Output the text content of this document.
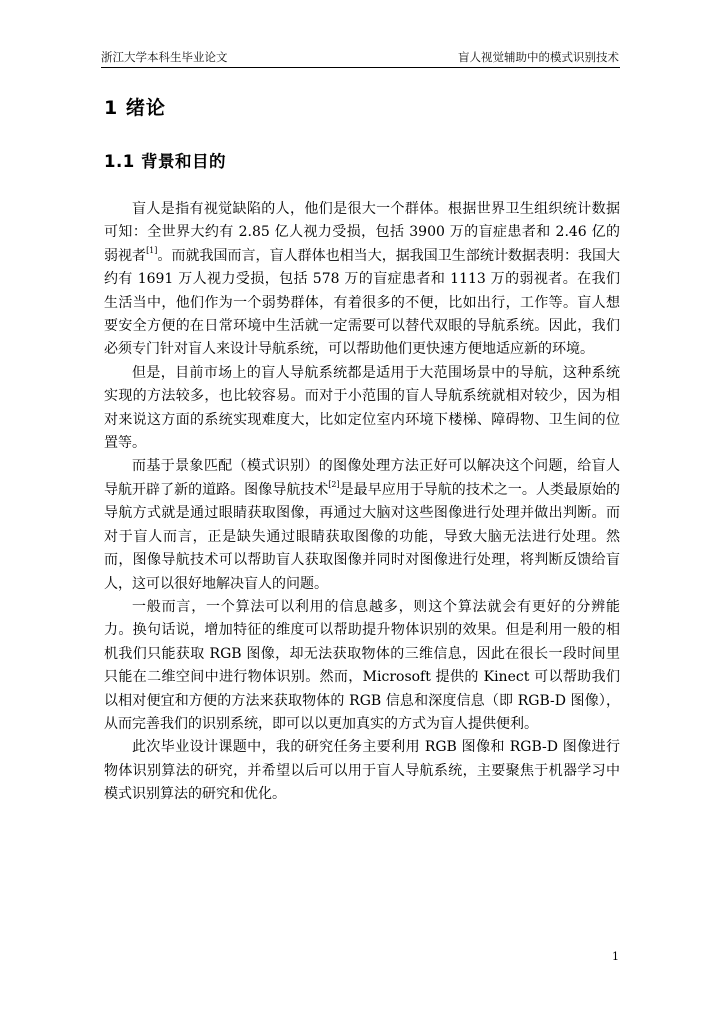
浙江大学本科生毕业论文	盲人视觉辅助中的模式识别技术
1 绪论
1.1 背景和目的

盲人是指有视觉缺陷的人，他们是很大一个群体。根据世界卫生组织统计数据可知：全世界大约有 2.85 亿人视力受损，包括 3900 万的盲症患者和 2.46 亿的弱视者[1]。而就我国而言，盲人群体也相当大，据我国卫生部统计数据表明：我国大约有 1691 万人视力受损，包括 578 万的盲症患者和 1113 万的弱视者。在我们生活当中，他们作为一个弱势群体，有着很多的不便，比如出行，工作等。盲人想要安全方便的在日常环境中生活就一定需要可以替代双眼的导航系统。因此，我们必须专门针对盲人来设计导航系统，可以帮助他们更快速方便地适应新的环境。

但是，目前市场上的盲人导航系统都是适用于大范围场景中的导航，这种系统实现的方法较多，也比较容易。而对于小范围的盲人导航系统就相对较少，因为相对来说这方面的系统实现难度大，比如定位室内环境下楼梯、障碍物、卫生间的位置等。

而基于景象匹配（模式识别）的图像处理方法正好可以解决这个问题，给盲人导航开辟了新的道路。图像导航技术[2]是最早应用于导航的技术之一。人类最原始的导航方式就是通过眼睛获取图像，再通过大脑对这些图像进行处理并做出判断。而对于盲人而言，正是缺失通过眼睛获取图像的功能，导致大脑无法进行处理。然而，图像导航技术可以帮助盲人获取图像并同时对图像进行处理，将判断反馈给盲人，这可以很好地解决盲人的问题。

一般而言，一个算法可以利用的信息越多，则这个算法就会有更好的分辨能力。换句话说，增加特征的维度可以帮助提升物体识别的效果。但是利用一般的相机我们只能获取 RGB 图像，却无法获取物体的三维信息，因此在很长一段时间里只能在二维空间中进行物体识别。然而，Microsoft 提供的 Kinect 可以帮助我们以相对便宜和方便的方法来获取物体的 RGB 信息和深度信息（即 RGB-D 图像），从而完善我们的识别系统，即可以以更加真实的方式为盲人提供便利。

此次毕业设计课题中，我的研究任务主要利用 RGB 图像和 RGB-D 图像进行物体识别算法的研究，并希望以后可以用于盲人导航系统，主要聚焦于机器学习中模式识别算法的研究和优化。

1
